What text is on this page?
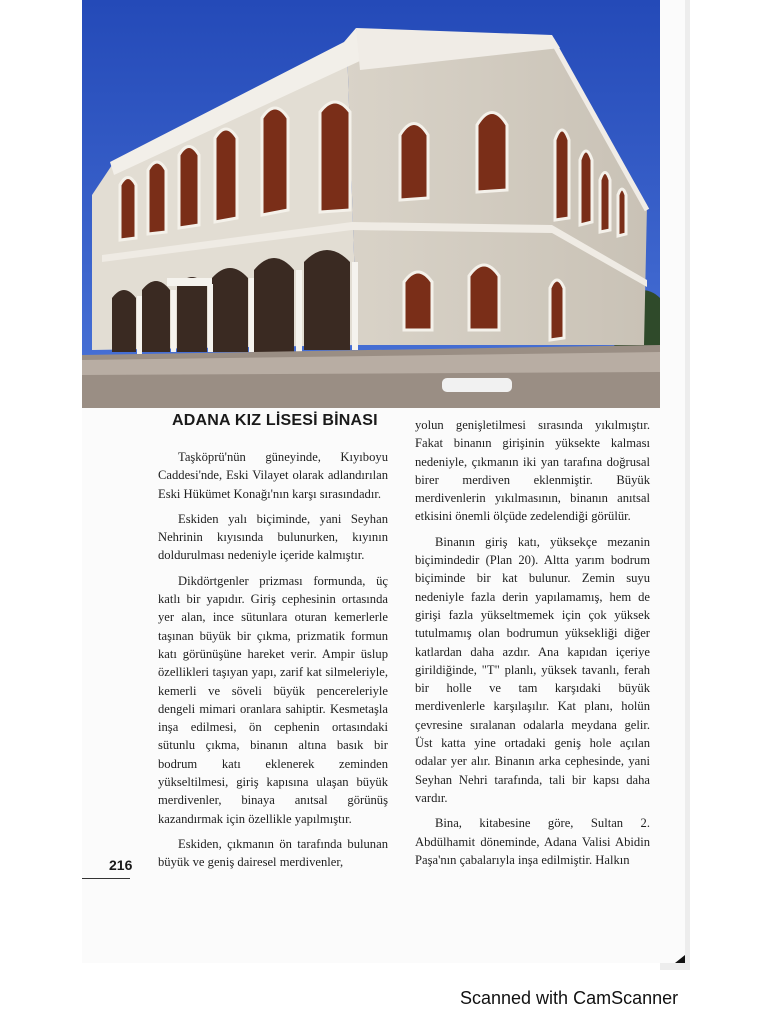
ADANA KIZ LİSESİ BİNASI

Taşköprü'nün güneyinde, Kıyıboyu Caddesi'nde, Eski Vilayet olarak adlandırılan Eski Hükümet Konağı'nın karşı sırasındadır.

Eskiden yalı biçiminde, yani Seyhan Nehrinin kıyısında bulunurken, kıyının doldurulması nedeniyle içeride kalmıştır.

Dikdörtgenler prizması formunda, üç katlı bir yapıdır. Giriş cephesinin ortasında yer alan, ince sütunlara oturan kemerlerle taşınan büyük bir çıkma, prizmatik formun katı görünüşüne hareket verir. Ampir üslup özellikleri taşıyan yapı, zarif kat silmeleriyle, kemerli ve söveli büyük pencereleriyle dengeli mimari oranlara sahiptir. Kesmetaşla inşa edilmesi, ön cephenin ortasındaki sütunlu çıkma, binanın altına basık bir bodrum katı eklenerek zeminden yükseltilmesi, giriş kapısına ulaşan büyük merdivenler, binaya anıtsal görünüş kazandırmak için özellikle yapılmıştır.

Eskiden, çıkmanın ön tarafında bulunan büyük ve geniş dairesel merdivenler,

yolun genişletilmesi sırasında yıkılmıştır. Fakat binanın girişinin yüksekte kalması nedeniyle, çıkmanın iki yan tarafına doğrusal birer merdiven eklenmiştir. Büyük merdivenlerin yıkılmasının, binanın anıtsal etkisini önemli ölçüde zedelendiği görülür.

Binanın giriş katı, yüksekçe mezanin biçimindedir (Plan 20). Altta yarım bodrum biçiminde bir kat bulunur. Zemin suyu nedeniyle fazla derin yapılamamış, hem de girişi fazla yükseltmemek için çok yüksek tutulmamış olan bodrumun yüksekliği diğer katlardan daha azdır. Ana kapıdan içeriye girildiğinde, "T" planlı, yüksek tavanlı, ferah bir holle ve tam karşıdaki büyük merdivenlerle karşılaşılır. Kat planı, holün çevresine sıralanan odalarla meydana gelir. Üst katta yine ortadaki geniş hole açılan odalar yer alır. Binanın arka cephesinde, yani Seyhan Nehri tarafında, tali bir kapsı daha vardır.

Bina, kitabesine göre, Sultan 2. Abdülhamit döneminde, Adana Valisi Abidin Paşa'nın çabalarıyla inşa edilmiştir. Halkın

216
Scanned with CamScanner
